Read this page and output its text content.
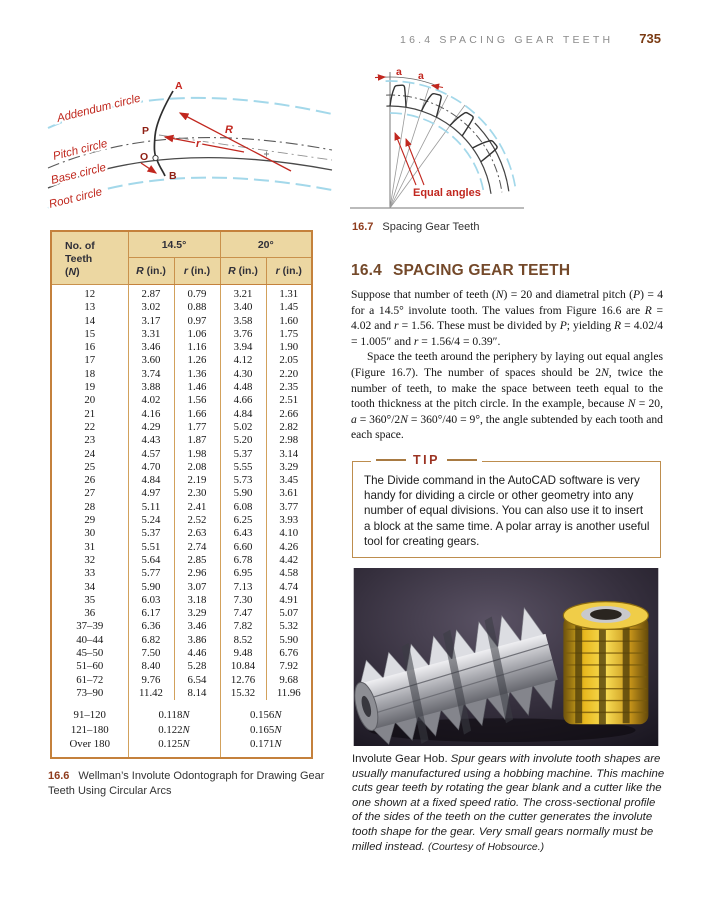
16.4 SPACING GEAR TEETH 735
Addendum circle
Pitch circle
Base circle
Root circle
A
P
O
B
R
r
a a
Equal angles
16.7 Spacing Gear Teeth
No. of
Teeth
(N)	14.5°		20°	
	R (in.)	r (in.)	R (in.)	r (in.)
12	2.87	0.79	3.21	1.31
13	3.02	0.88	3.40	1.45
14	3.17	0.97	3.58	1.60
15	3.31	1.06	3.76	1.75
16	3.46	1.16	3.94	1.90
17	3.60	1.26	4.12	2.05
18	3.74	1.36	4.30	2.20
19	3.88	1.46	4.48	2.35
20	4.02	1.56	4.66	2.51
21	4.16	1.66	4.84	2.66
22	4.29	1.77	5.02	2.82
23	4.43	1.87	5.20	2.98
24	4.57	1.98	5.37	3.14
25	4.70	2.08	5.55	3.29
26	4.84	2.19	5.73	3.45
27	4.97	2.30	5.90	3.61
28	5.11	2.41	6.08	3.77
29	5.24	2.52	6.25	3.93
30	5.37	2.63	6.43	4.10
31	5.51	2.74	6.60	4.26
32	5.64	2.85	6.78	4.42
33	5.77	2.96	6.95	4.58
34	5.90	3.07	7.13	4.74
35	6.03	3.18	7.30	4.91
36	6.17	3.29	7.47	5.07
37–39	6.36	3.46	7.82	5.32
40–44	6.82	3.86	8.52	5.90
45–50	7.50	4.46	9.48	6.76
51–60	8.40	5.28	10.84	7.92
61–72	9.76	6.54	12.76	9.68
73–90	11.42	8.14	15.32	11.96
91–120	0.118N		0.156N	
121–180	0.122N		0.165N	
Over 180	0.125N		0.171N	
16.6 Wellman’s Involute Odontograph for Drawing Gear Teeth Using Circular Arcs
16.4 SPACING GEAR TEETH

Suppose that number of teeth (N) = 20 and diametral pitch (P) = 4 for a 14.5° involute tooth. The values from Figure 16.6 are R = 4.02 and r = 1.56. These must be divided by P; yielding R = 4.02/4 = 1.005″ and r = 1.56/4 = 0.39″.

Space the teeth around the periphery by laying out equal angles (Figure 16.7). The number of spaces should be 2N, twice the number of teeth, to make the space between teeth equal to the tooth thickness at the pitch circle. In the example, because N = 20, a = 360°/2N = 360°/40 = 9°, the angle subtended by each tooth and each space.

TIP
The Divide command in the AutoCAD software is very handy for dividing a circle or other geometry into any number of equal divisions. You can also use it to insert a block at the same time. A polar array is another useful tool for creating gears.
Involute Gear Hob. Spur gears with involute tooth shapes are usually manufactured using a hobbing machine. This machine cuts gear teeth by rotating the gear blank and a cutter like the one shown at a fixed speed ratio. The cross-sectional profile of the sides of the teeth on the cutter generates the involute tooth shape for the gear. Very small gears normally must be milled instead. (Courtesy of Hobsource.)
